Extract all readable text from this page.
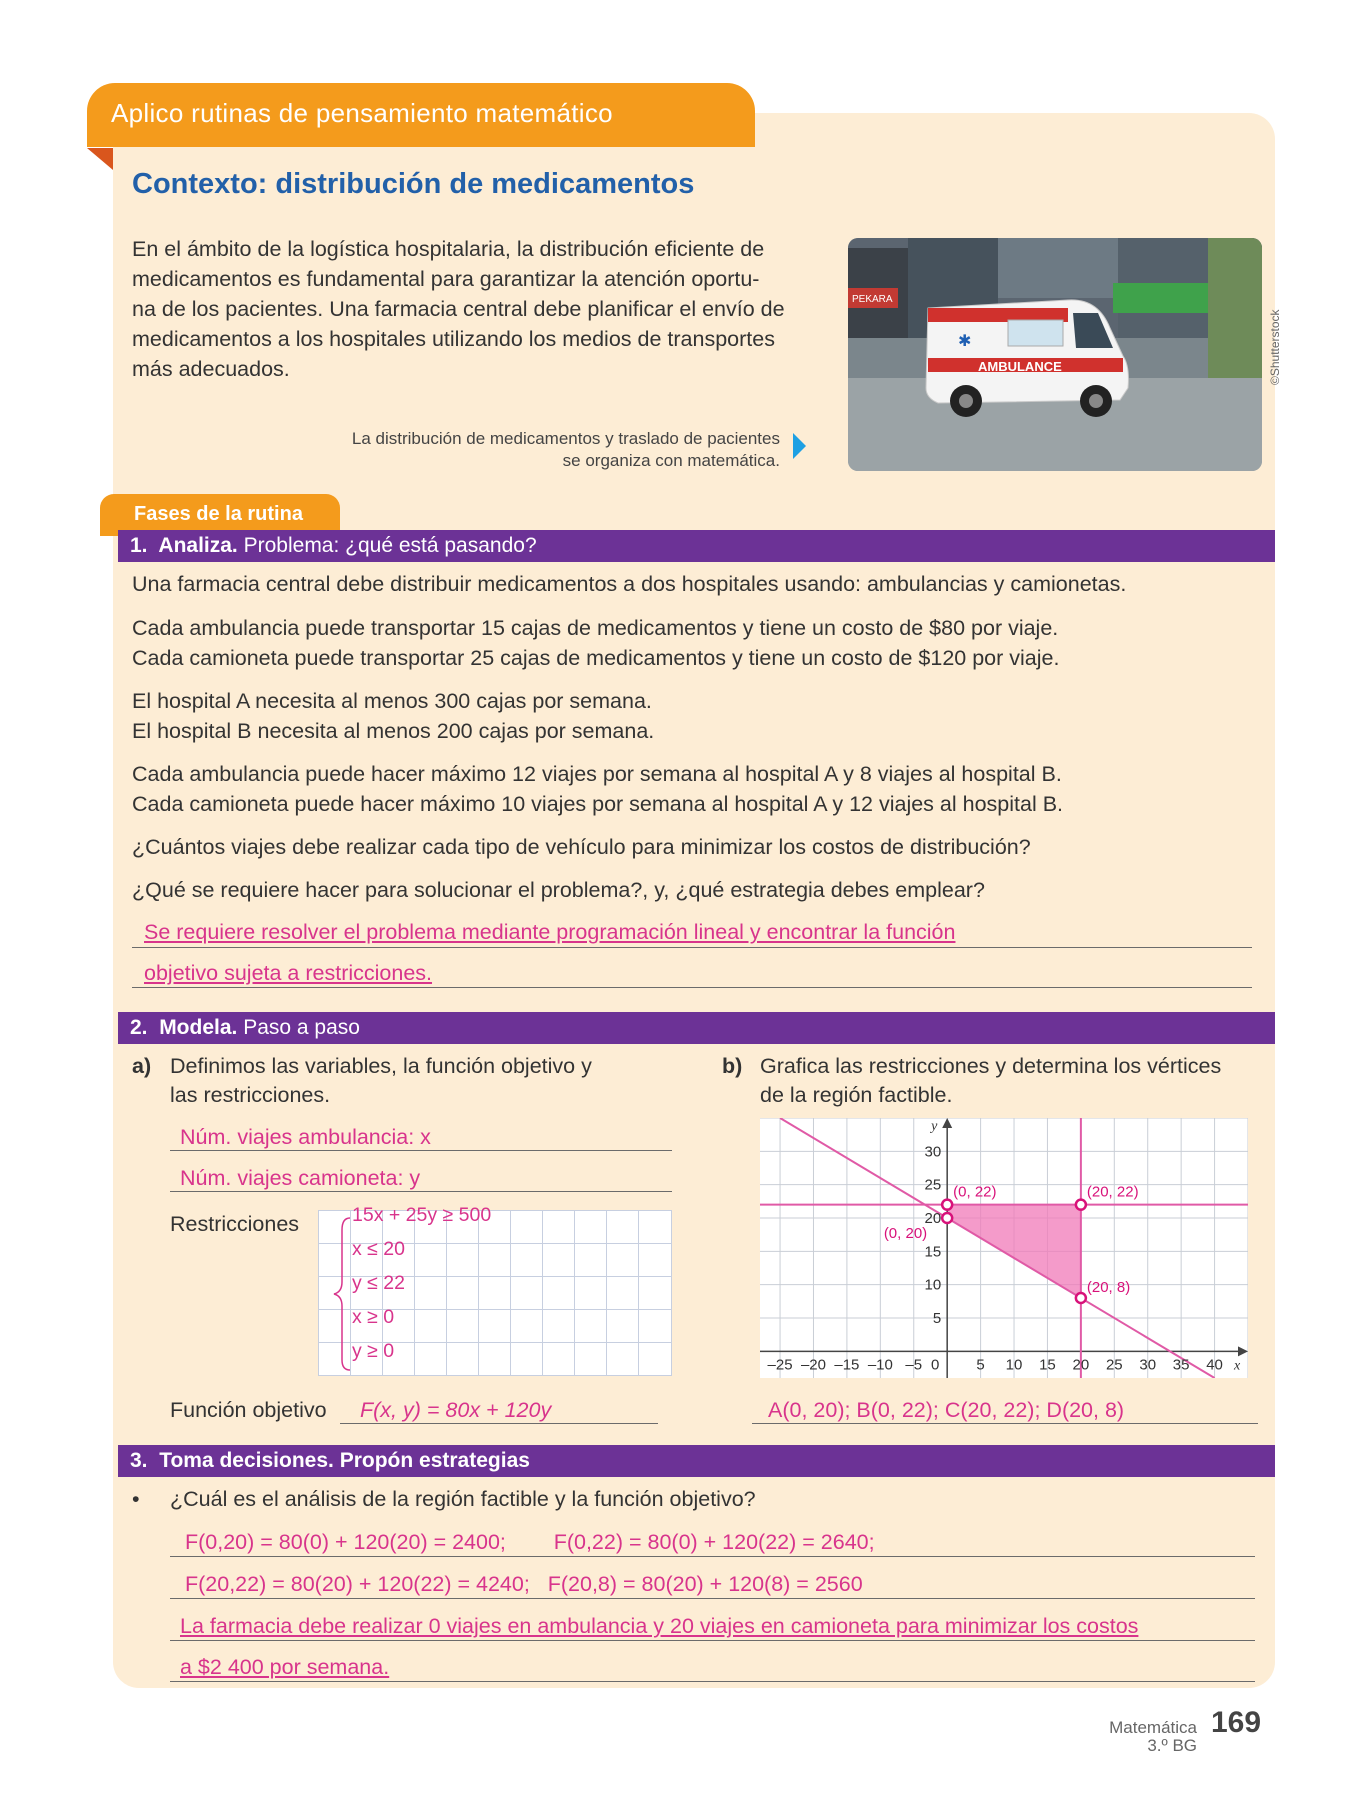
Aplico rutinas de pensamiento matemático
Contexto: distribución de medicamentos
En el ámbito de la logística hospitalaria, la distribución eficiente de
medicamentos es fundamental para garantizar la atención oportu-
na de los pacientes. Una farmacia central debe planificar el envío de
medicamentos a los hospitales utilizando los medios de transportes
más adecuados.
PEKARA
AMBULANCE
✱	©Shutterstock
La distribución de medicamentos y traslado de pacientes
se organiza con matemática.
Fases de la rutina
1. Analiza. Problema: ¿qué está pasando?
Una farmacia central debe distribuir medicamentos a dos hospitales usando: ambulancias y camionetas.
Cada ambulancia puede transportar 15 cajas de medicamentos y tiene un costo de $80 por viaje.
Cada camioneta puede transportar 25 cajas de medicamentos y tiene un costo de $120 por viaje.
El hospital A necesita al menos 300 cajas por semana.
El hospital B necesita al menos 200 cajas por semana.
Cada ambulancia puede hacer máximo 12 viajes por semana al hospital A y 8 viajes al hospital B.
Cada camioneta puede hacer máximo 10 viajes por semana al hospital A y 12 viajes al hospital B.
¿Cuántos viajes debe realizar cada tipo de vehículo para minimizar los costos de distribución?
¿Qué se requiere hacer para solucionar el problema?, y, ¿qué estrategia debes emplear?
Se requiere resolver el problema mediante programación lineal y encontrar la función
objetivo sujeta a restricciones.
2. Modela. Paso a paso
a) Definimos las variables, la función objetivo y
las restricciones.
Núm. viajes ambulancia: x
Núm. viajes camioneta: y
Restricciones	15x + 25y ≥ 500
x ≤ 20
y ≤ 22
x ≥ 0
y ≥ 0
Función objetivo F(x, y) = 80x + 120y
b) Grafica las restricciones y determina los vértices
de la región factible.
–25 –20 –15 –10 –5 0 5 10 15 20 25 30 35 40
5
10
15
20
25
30
x
y
(0, 22)	(20, 22)
(0, 20)
(20, 8)
A(0, 20); B(0, 22); C(20, 22); D(20, 8)
3. Toma decisiones. Propón estrategias
• ¿Cuál es el análisis de la región factible y la función objetivo?
F(0,20) = 80(0) + 120(20) = 2400;        F(0,22) = 80(0) + 120(22) = 2640;
F(20,22) = 80(20) + 120(22) = 4240;   F(20,8) = 80(20) + 120(8) = 2560
La farmacia debe realizar 0 viajes en ambulancia y 20 viajes en camioneta para minimizar los costos
a $2 400 por semana.
Matemática
3.º BG
169
